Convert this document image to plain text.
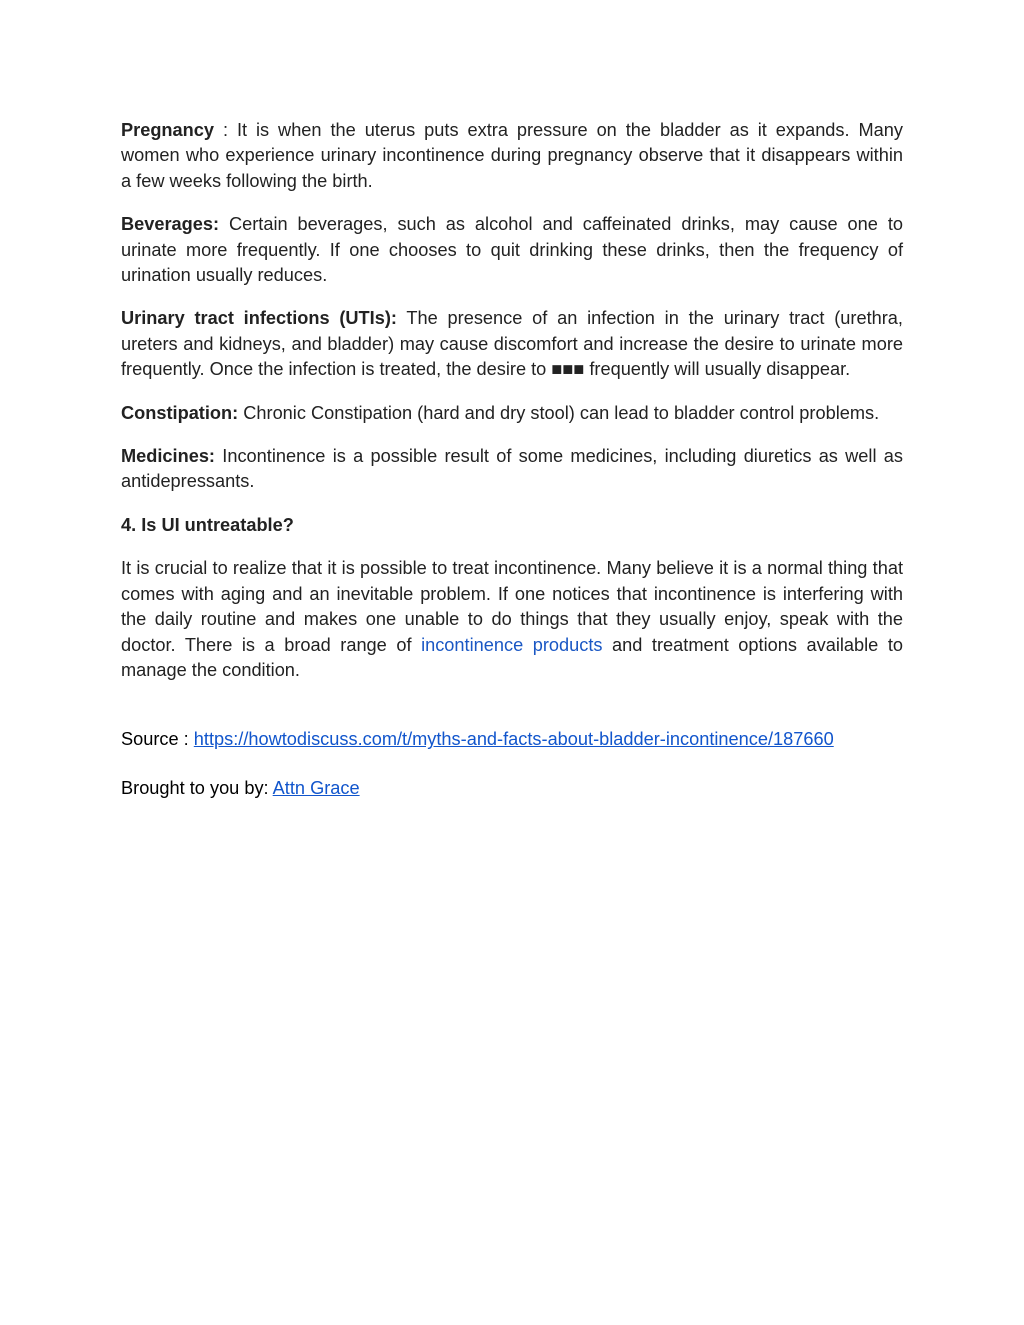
Pregnancy : It is when the uterus puts extra pressure on the bladder as it expands. Many women who experience urinary incontinence during pregnancy observe that it disappears within a few weeks following the birth.

Beverages: Certain beverages, such as alcohol and caffeinated drinks, may cause one to urinate more frequently. If one chooses to quit drinking these drinks, then the frequency of urination usually reduces.

Urinary tract infections (UTIs): The presence of an infection in the urinary tract (urethra, ureters and kidneys, and bladder) may cause discomfort and increase the desire to urinate more frequently. Once the infection is treated, the desire to ■■■ frequently will usually disappear.

Constipation: Chronic Constipation (hard and dry stool) can lead to bladder control problems.

Medicines: Incontinence is a possible result of some medicines, including diuretics as well as antidepressants.

4. Is UI untreatable?

It is crucial to realize that it is possible to treat incontinence. Many believe it is a normal thing that comes with aging and an inevitable problem. If one notices that incontinence is interfering with the daily routine and makes one unable to do things that they usually enjoy, speak with the doctor. There is a broad range of incontinence products and treatment options available to manage the condition.

Source : https://howtodiscuss.com/t/myths-and-facts-about-bladder-incontinence/187660

Brought to you by: Attn Grace
